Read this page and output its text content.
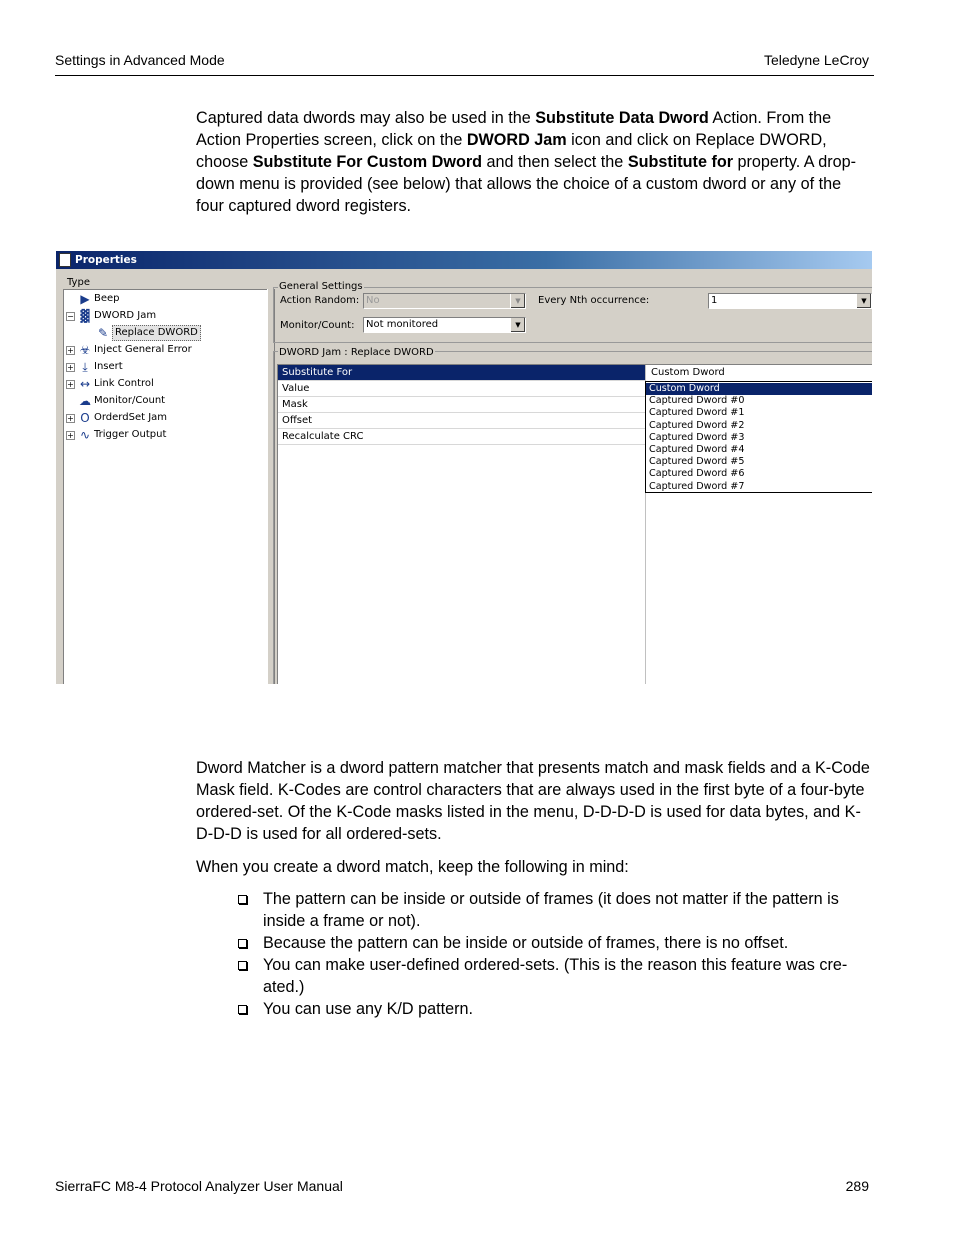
Settings in Advanced Mode	Teledyne LeCroy
Captured data dwords may also be used in the Substitute Data Dword Action. From the Action Properties screen, click on the DWORD Jam icon and click on Replace DWORD, choose Substitute For Custom Dword and then select the Substitute for property. A drop-down menu is provided (see below) that allows the choice of a custom dword or any of the four captured dword registers.
Properties
Type
▶ Beep
− ▓ DWORD Jam
✎ Replace DWORD
+ ☣ Inject General Error
+ ⤓ Insert
+ ↔ Link Control
☁ Monitor/Count
+ O OrderdSet Jam
+ ∿ Trigger Output
General Settings
Action Random: No	▼	Every Nth occurrence:	1	▼
Monitor/Count:	Not monitored	▼
DWORD Jam : Replace DWORD
Custom Dword
Substitute For
Value
Mask
Offset
Recalculate CRC
Custom Dword
Captured Dword #0
Captured Dword #1
Captured Dword #2
Captured Dword #3
Captured Dword #4
Captured Dword #5
Captured Dword #6
Captured Dword #7
Dword Matcher is a dword pattern matcher that presents match and mask fields and a K-Code Mask field. K-Codes are control characters that are always used in the first byte of a four-byte ordered-set. Of the K-Code masks listed in the menu, D-D-D-D is used for data bytes, and K-D-D-D is used for all ordered-sets.
When you create a dword match, keep the following in mind:
The pattern can be inside or outside of frames (it does not matter if the pattern is inside a frame or not).
Because the pattern can be inside or outside of frames, there is no offset.
You can make user-defined ordered-sets. (This is the reason this feature was cre-ated.)
You can use any K/D pattern.
SierraFC M8-4 Protocol Analyzer User Manual	289
